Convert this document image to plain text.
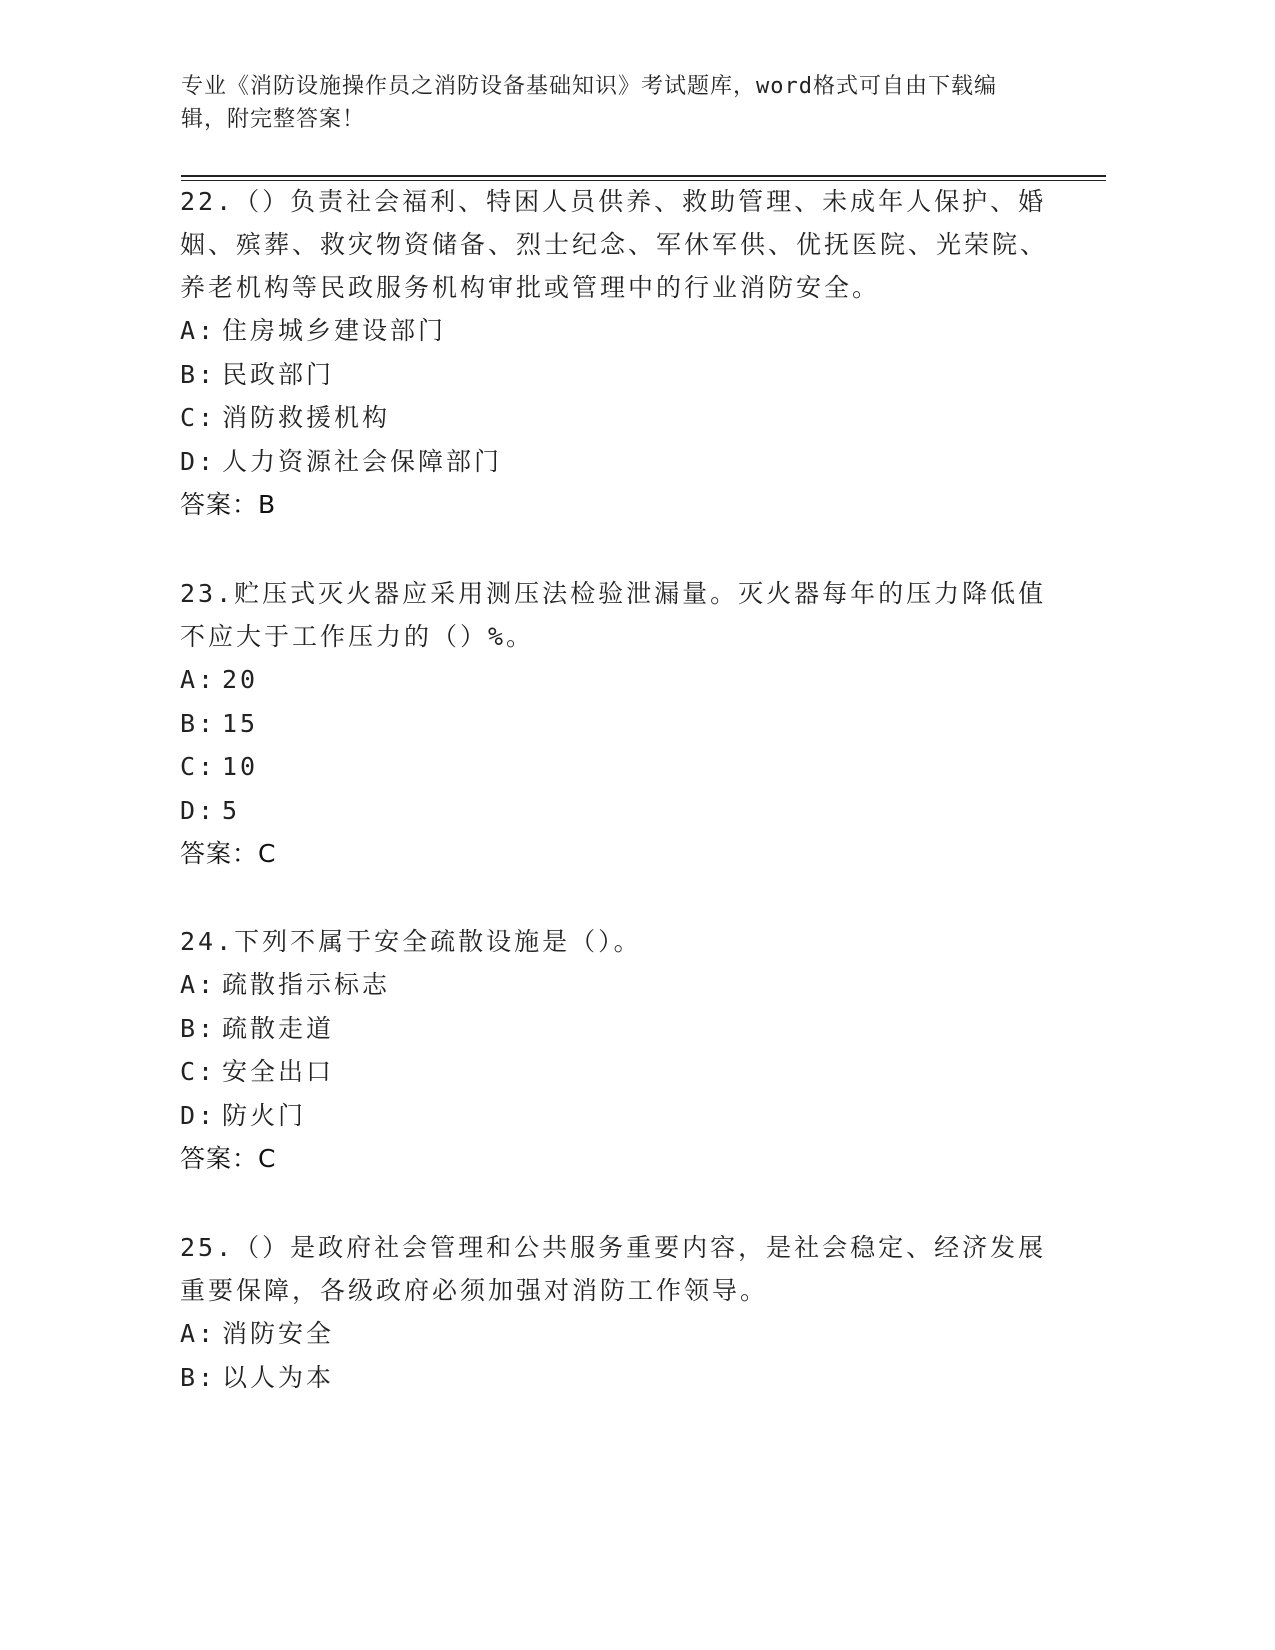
专业《消防设施操作员之消防设备基础知识》考试题库，word格式可自由下载编辑，附完整答案！

22.（）负责社会福利、特困人员供养、救助管理、未成年人保护、婚姻、殡葬、救灾物资储备、烈士纪念、军休军供、优抚医院、光荣院、养老机构等民政服务机构审批或管理中的行业消防安全。

A: 住房城乡建设部门

B: 民政部门

C: 消防救援机构

D: 人力资源社会保障部门

答案：B

23.贮压式灭火器应采用测压法检验泄漏量。灭火器每年的压力降低值不应大于工作压力的（）%。

A: 20

B: 15

C: 10

D: 5

答案：C

24.下列不属于安全疏散设施是（）。

A: 疏散指示标志

B: 疏散走道

C: 安全出口

D: 防火门

答案：C

25.（）是政府社会管理和公共服务重要内容，是社会稳定、经济发展重要保障，各级政府必须加强对消防工作领导。

A: 消防安全

B: 以人为本
